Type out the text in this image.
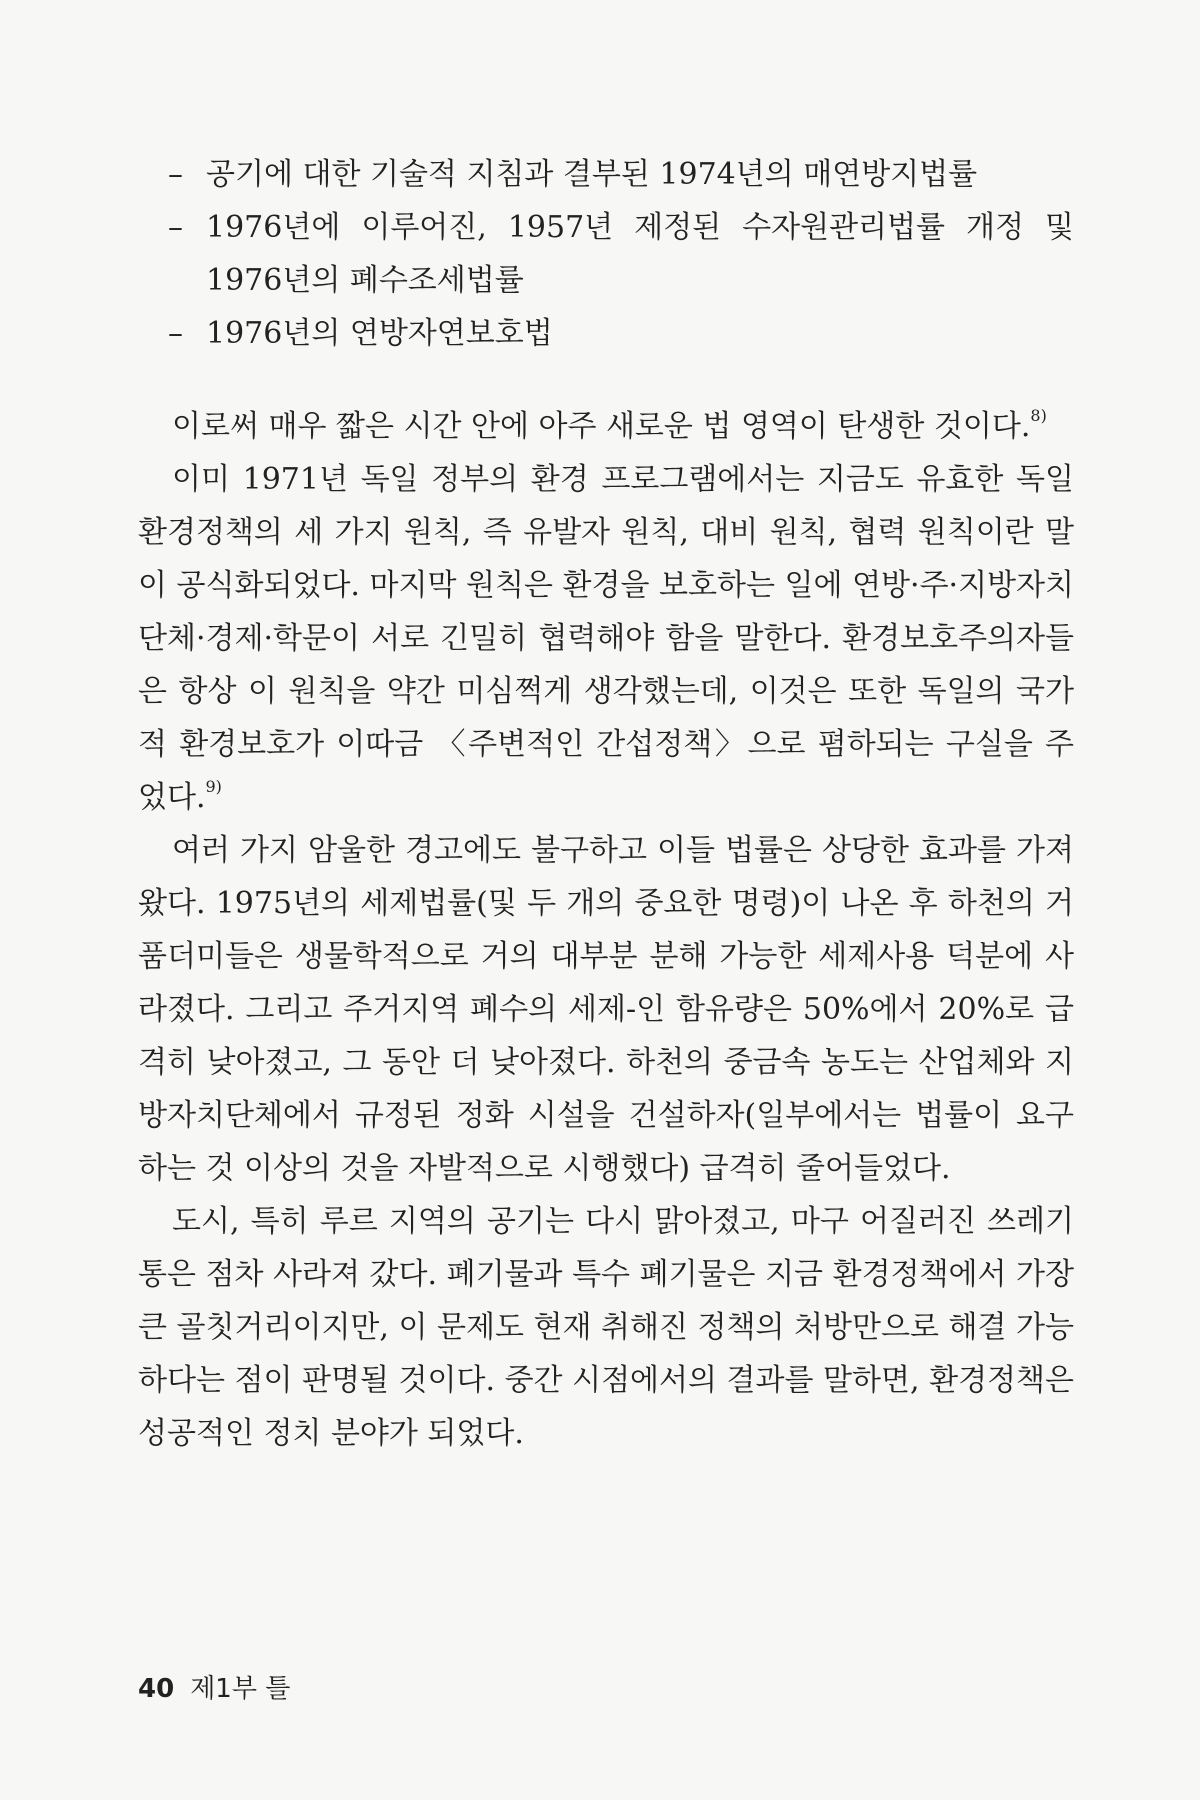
– 공기에 대한 기술적 지침과 결부된 1974년의 매연방지법률
– 1976년에 이루어진, 1957년 제정된 수자원관리법률 개정 및 1976년의 폐수조세법률
– 1976년의 연방자연보호법

이로써 매우 짧은 시간 안에 아주 새로운 법 영역이 탄생한 것이다.$^{8)}$

이미 1971년 독일 정부의 환경 프로그램에서는 지금도 유효한 독일 환경정책의 세 가지 원칙, 즉 유발자 원칙, 대비 원칙, 협력 원칙이란 말이 공식화되었다. 마지막 원칙은 환경을 보호하는 일에 연방·주·지방자치단체·경제·학문이 서로 긴밀히 협력해야 함을 말한다. 환경보호주의자들은 항상 이 원칙을 약간 미심쩍게 생각했는데, 이것은 또한 독일의 국가적 환경보호가 이따금 〈주변적인 간섭정책〉으로 폄하되는 구실을 주었다.$^{9)}$

여러 가지 암울한 경고에도 불구하고 이들 법률은 상당한 효과를 가져왔다. 1975년의 세제법률(및 두 개의 중요한 명령)이 나온 후 하천의 거품더미들은 생물학적으로 거의 대부분 분해 가능한 세제사용 덕분에 사라졌다. 그리고 주거지역 폐수의 세제-인 함유량은 50%에서 20%로 급격히 낮아졌고, 그 동안 더 낮아졌다. 하천의 중금속 농도는 산업체와 지방자치단체에서 규정된 정화 시설을 건설하자(일부에서는 법률이 요구하는 것 이상의 것을 자발적으로 시행했다) 급격히 줄어들었다.

도시, 특히 루르 지역의 공기는 다시 맑아졌고, 마구 어질러진 쓰레기통은 점차 사라져 갔다. 폐기물과 특수 폐기물은 지금 환경정책에서 가장 큰 골칫거리이지만, 이 문제도 현재 취해진 정책의 처방만으로 해결 가능하다는 점이 판명될 것이다. 중간 시점에서의 결과를 말하면, 환경정책은 성공적인 정치 분야가 되었다.

40 제1부 틀
